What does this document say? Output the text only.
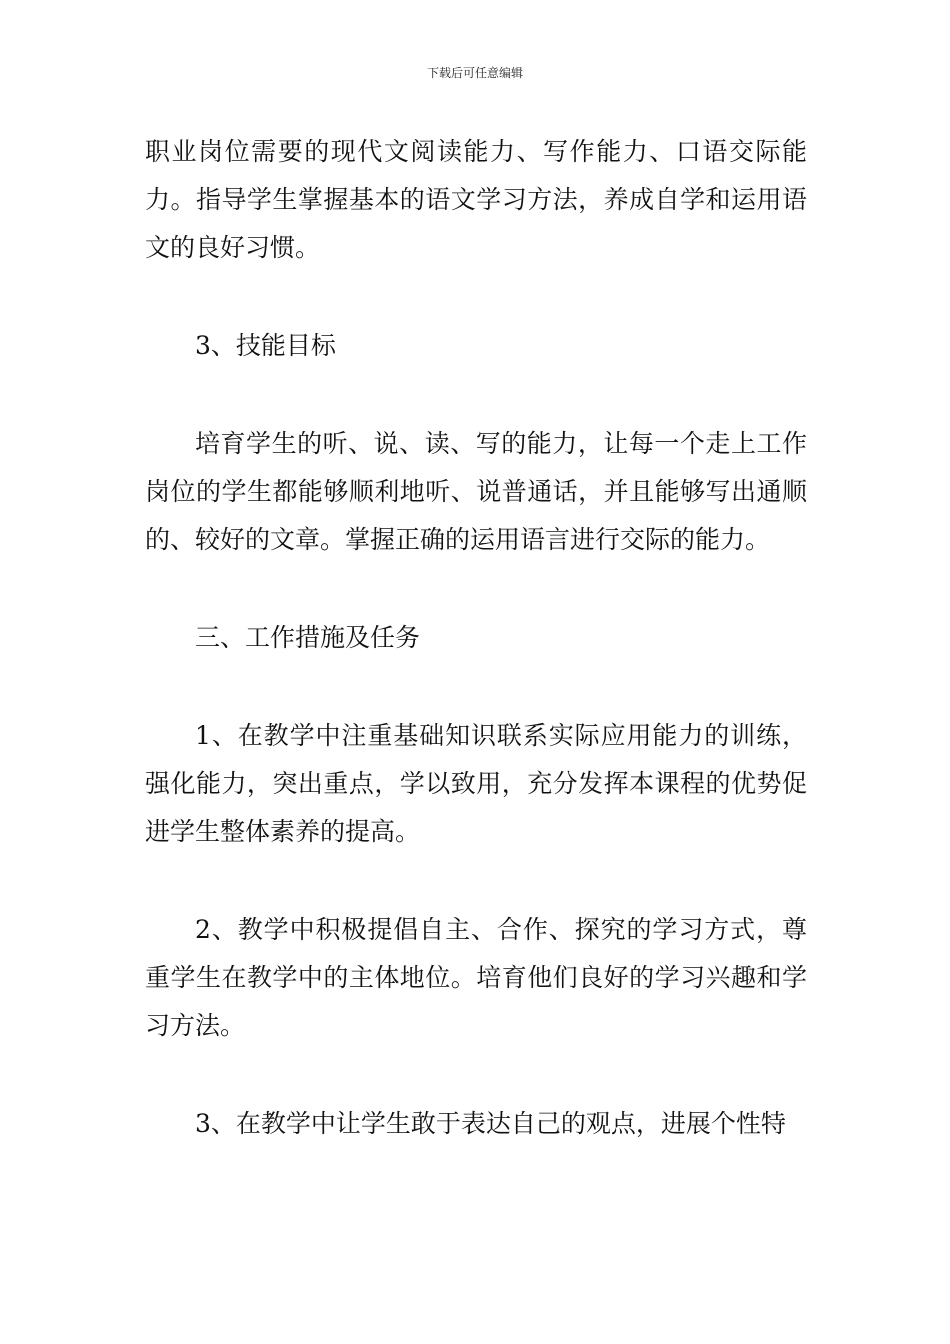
下载后可任意编辑

职业岗位需要的现代文阅读能力、写作能力、口语交际能力。指导学生掌握基本的语文学习方法，养成自学和运用语文的良好习惯。

3、技能目标

培育学生的听、说、读、写的能力，让每一个走上工作岗位的学生都能够顺利地听、说普通话，并且能够写出通顺的、较好的文章。掌握正确的运用语言进行交际的能力。

三、工作措施及任务

1、在教学中注重基础知识联系实际应用能力的训练，强化能力，突出重点，学以致用，充分发挥本课程的优势促进学生整体素养的提高。

2、教学中积极提倡自主、合作、探究的学习方式，尊重学生在教学中的主体地位。培育他们良好的学习兴趣和学习方法。

3、在教学中让学生敢于表达自己的观点，进展个性特
